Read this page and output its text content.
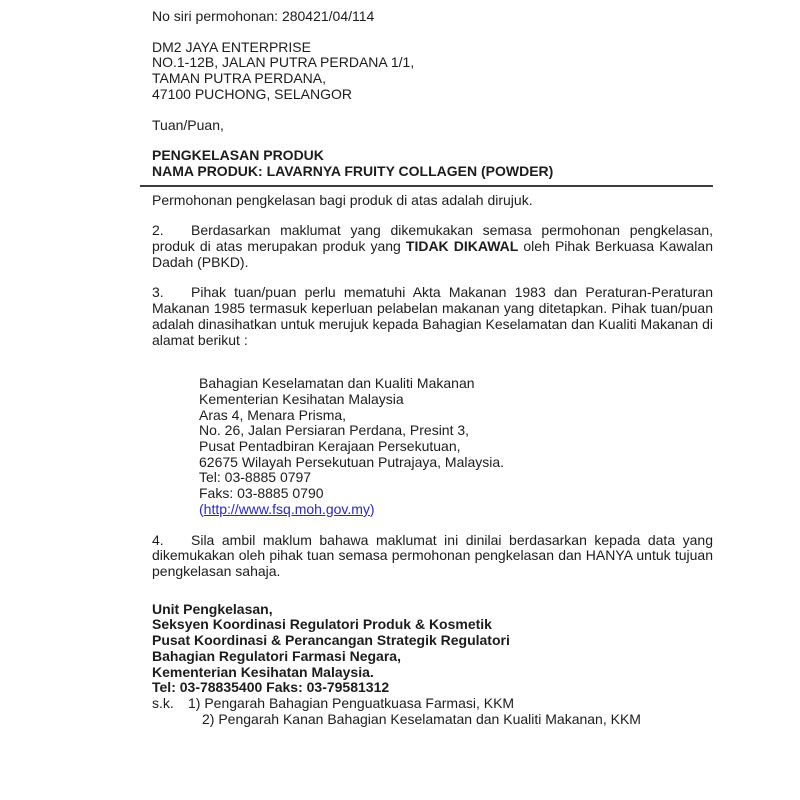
No siri permohonan: 280421/04/114
DM2 JAYA ENTERPRISE
NO.1-12B, JALAN PUTRA PERDANA 1/1,
TAMAN PUTRA PERDANA,
47100 PUCHONG, SELANGOR
Tuan/Puan,
PENGKELASAN PRODUK
NAMA PRODUK: LAVARNYA FRUITY COLLAGEN (POWDER)
Permohonan pengkelasan bagi produk di atas adalah dirujuk.
2. Berdasarkan maklumat yang dikemukakan semasa permohonan pengkelasan, produk di atas merupakan produk yang TIDAK DIKAWAL oleh Pihak Berkuasa Kawalan Dadah (PBKD).
3. Pihak tuan/puan perlu mematuhi Akta Makanan 1983 dan Peraturan-Peraturan Makanan 1985 termasuk keperluan pelabelan makanan yang ditetapkan. Pihak tuan/puan adalah dinasihatkan untuk merujuk kepada Bahagian Keselamatan dan Kualiti Makanan di alamat berikut :
Bahagian Keselamatan dan Kualiti Makanan
Kementerian Kesihatan Malaysia
Aras 4, Menara Prisma,
No. 26, Jalan Persiaran Perdana, Presint 3,
Pusat Pentadbiran Kerajaan Persekutuan,
62675 Wilayah Persekutuan Putrajaya, Malaysia.
Tel: 03-8885 0797
Faks: 03-8885 0790
(http://www.fsq.moh.gov.my)
4. Sila ambil maklum bahawa maklumat ini dinilai berdasarkan kepada data yang dikemukakan oleh pihak tuan semasa permohonan pengkelasan dan HANYA untuk tujuan pengkelasan sahaja.
Unit Pengkelasan,
Seksyen Koordinasi Regulatori Produk & Kosmetik
Pusat Koordinasi & Perancangan Strategik Regulatori
Bahagian Regulatori Farmasi Negara,
Kementerian Kesihatan Malaysia.
Tel: 03-78835400 Faks: 03-79581312
s.k. 1) Pengarah Bahagian Penguatkuasa Farmasi, KKM
2) Pengarah Kanan Bahagian Keselamatan dan Kualiti Makanan, KKM
